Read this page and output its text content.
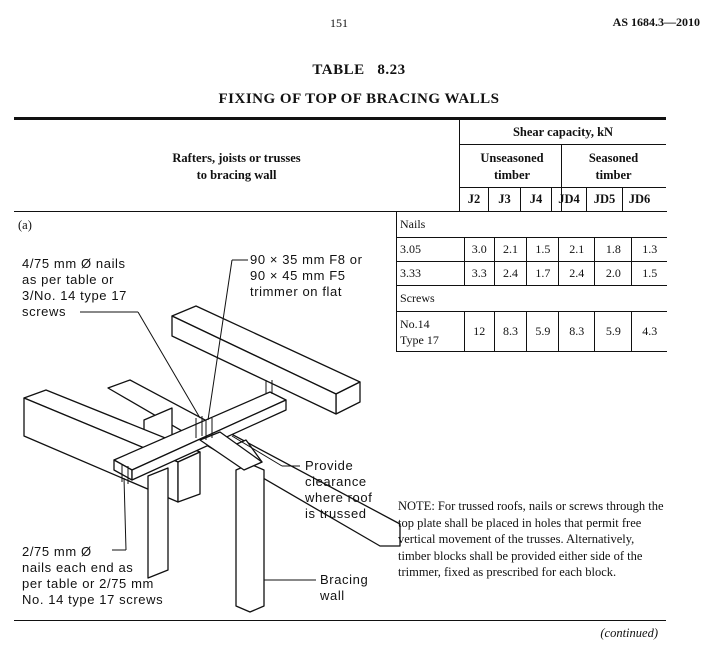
151	AS 1684.3—2010
TABLE   8.23
FIXING OF TOP OF BRACING WALLS
Rafters, joists or trusses
to bracing wall
Shear capacity, kN
Unseasoned
timber
Seasoned
timber
J2	J3	J4	JD4	JD5	JD6
Nails						
3.05	3.0	2.1	1.5	2.1	1.8	1.3
3.33	3.3	2.4	1.7	2.4	2.0	1.5
Screws						

No.14
Type 17	12	8.3	5.9	8.3	5.9	4.3
(a)
4/75 mm Ø nails
as per table or
3/No. 14 type 17
screws
90 × 35 mm F8 or
90 × 45 mm F5
trimmer on flat
Provide
clearance
where roof
is trussed
2/75 mm Ø
nails each end as
per table or 2/75 mm
No. 14 type 17 screws
Bracing
wall
NOTE: For trussed roofs, nails or screws through the top plate shall be placed in holes that permit free vertical movement of the trusses. Alternatively, timber blocks shall be provided either side of the trimmer, fixed as prescribed for each block.
(continued)
